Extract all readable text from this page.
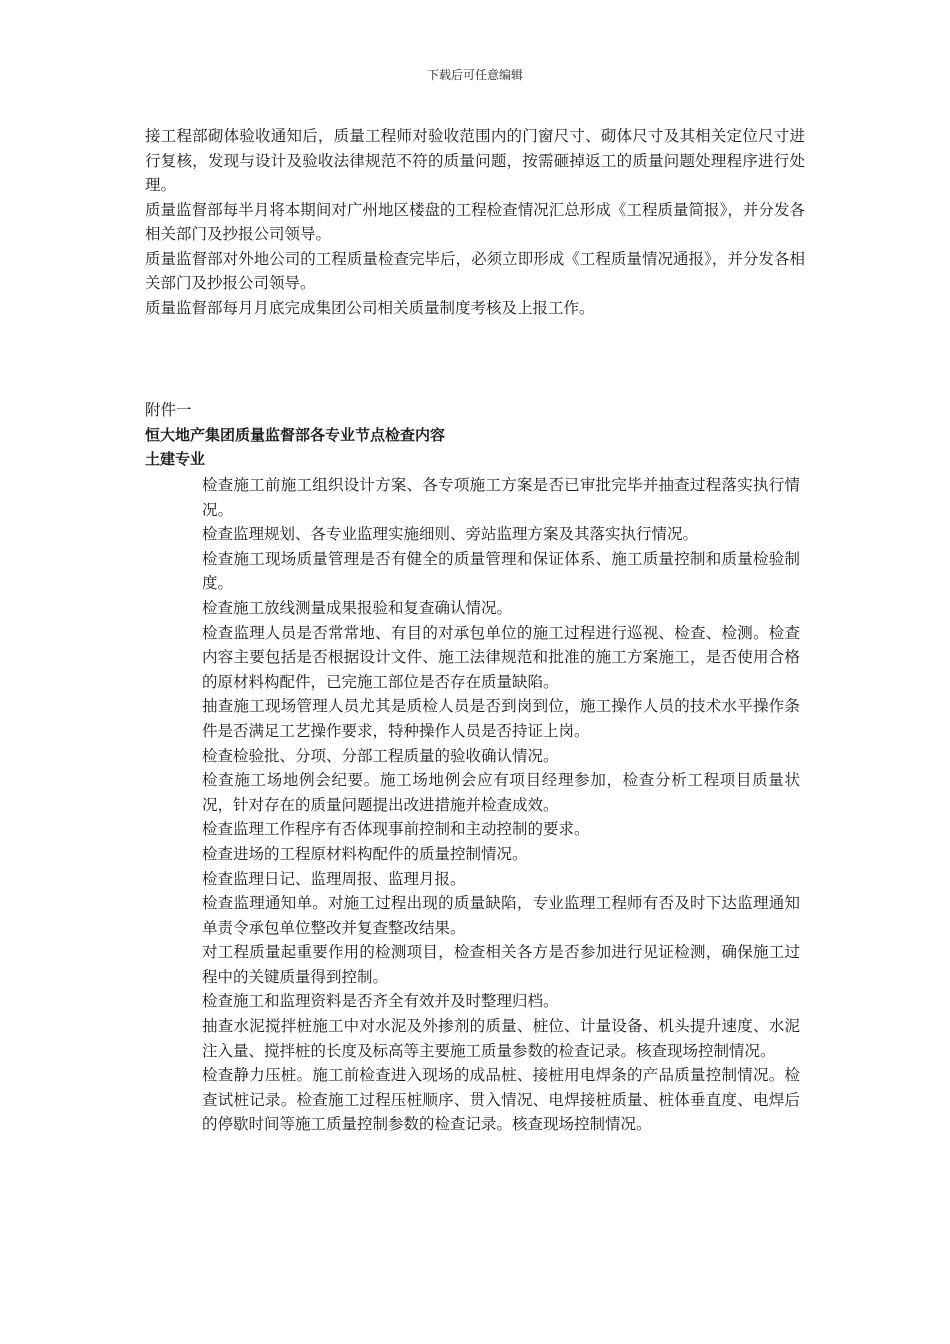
下载后可任意编辑

接工程部砌体验收通知后，质量工程师对验收范围内的门窗尺寸、砌体尺寸及其相关定位尺寸进行复核，发现与设计及验收法律规范不符的质量问题，按需砸掉返工的质量问题处理程序进行处理。

质量监督部每半月将本期间对广州地区楼盘的工程检查情况汇总形成《工程质量简报》，并分发各相关部门及抄报公司领导。

质量监督部对外地公司的工程质量检查完毕后，必须立即形成《工程质量情况通报》，并分发各相关部门及抄报公司领导。

质量监督部每月月底完成集团公司相关质量制度考核及上报工作。

附件一

恒大地产集团质量监督部各专业节点检查内容

土建专业

检查施工前施工组织设计方案、各专项施工方案是否已审批完毕并抽查过程落实执行情况。

检查监理规划、各专业监理实施细则、旁站监理方案及其落实执行情况。

检查施工现场质量管理是否有健全的质量管理和保证体系、施工质量控制和质量检验制度。

检查施工放线测量成果报验和复查确认情况。

检查监理人员是否常常地、有目的对承包单位的施工过程进行巡视、检查、检测。检查内容主要包括是否根据设计文件、施工法律规范和批准的施工方案施工，是否使用合格的原材料构配件，已完施工部位是否存在质量缺陷。

抽查施工现场管理人员尤其是质检人员是否到岗到位，施工操作人员的技术水平操作条件是否满足工艺操作要求，特种操作人员是否持证上岗。

检查检验批、分项、分部工程质量的验收确认情况。

检查施工场地例会纪要。施工场地例会应有项目经理参加，检查分析工程项目质量状况，针对存在的质量问题提出改进措施并检查成效。

检查监理工作程序有否体现事前控制和主动控制的要求。

检查进场的工程原材料构配件的质量控制情况。

检查监理日记、监理周报、监理月报。

检查监理通知单。对施工过程出现的质量缺陷，专业监理工程师有否及时下达监理通知单责令承包单位整改并复查整改结果。

对工程质量起重要作用的检测项目，检查相关各方是否参加进行见证检测，确保施工过程中的关键质量得到控制。

检查施工和监理资料是否齐全有效并及时整理归档。

抽查水泥搅拌桩施工中对水泥及外掺剂的质量、桩位、计量设备、机头提升速度、水泥注入量、搅拌桩的长度及标高等主要施工质量参数的检查记录。核查现场控制情况。

检查静力压桩。施工前检查进入现场的成品桩、接桩用电焊条的产品质量控制情况。检查试桩记录。检查施工过程压桩顺序、贯入情况、电焊接桩质量、桩体垂直度、电焊后的停歇时间等施工质量控制参数的检查记录。核查现场控制情况。
